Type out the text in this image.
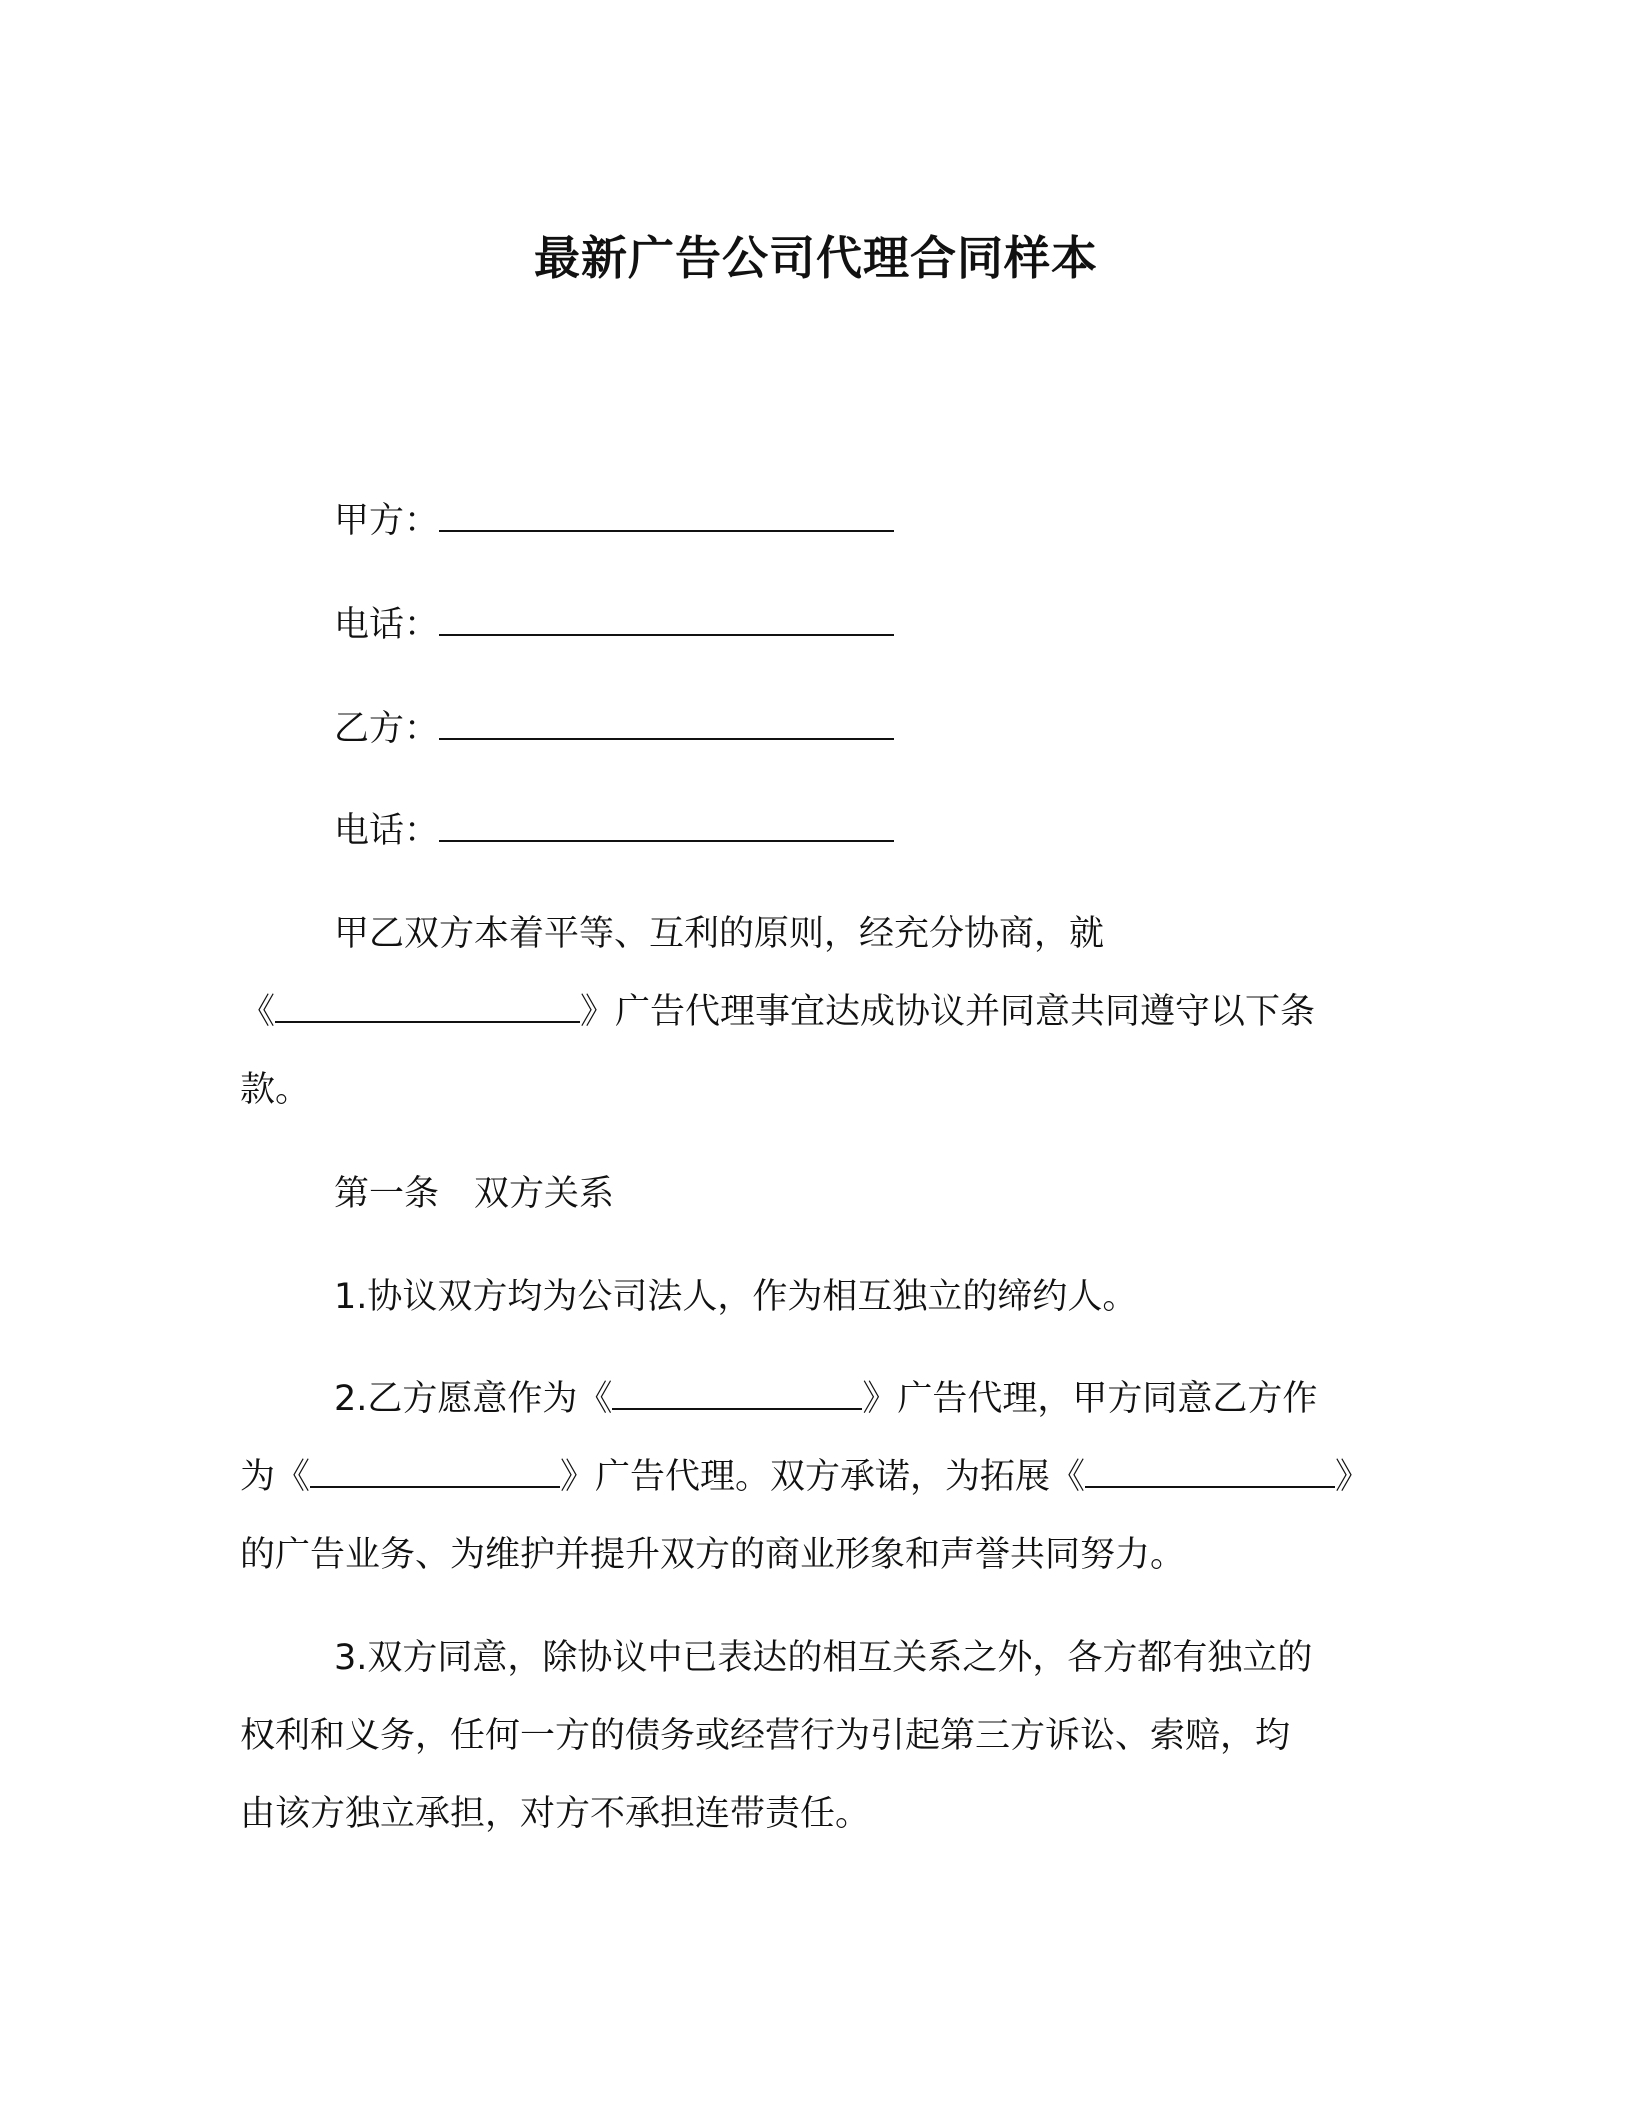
最新广告公司代理合同样本
甲方：
电话：
乙方：
电话：
甲乙双方本着平等、互利的原则，经充分协商，就
《	》广告代理事宜达成协议并同意共同遵守以下条
款。
第一条　双方关系
1.协议双方均为公司法人，作为相互独立的缔约人。
2.乙方愿意作为《	》广告代理，甲方同意乙方作
为《	》广告代理。双方承诺，为拓展《	》
的广告业务、为维护并提升双方的商业形象和声誉共同努力。
3.双方同意，除协议中已表达的相互关系之外，各方都有独立的
权利和义务，任何一方的债务或经营行为引起第三方诉讼、索赔，均
由该方独立承担，对方不承担连带责任。
